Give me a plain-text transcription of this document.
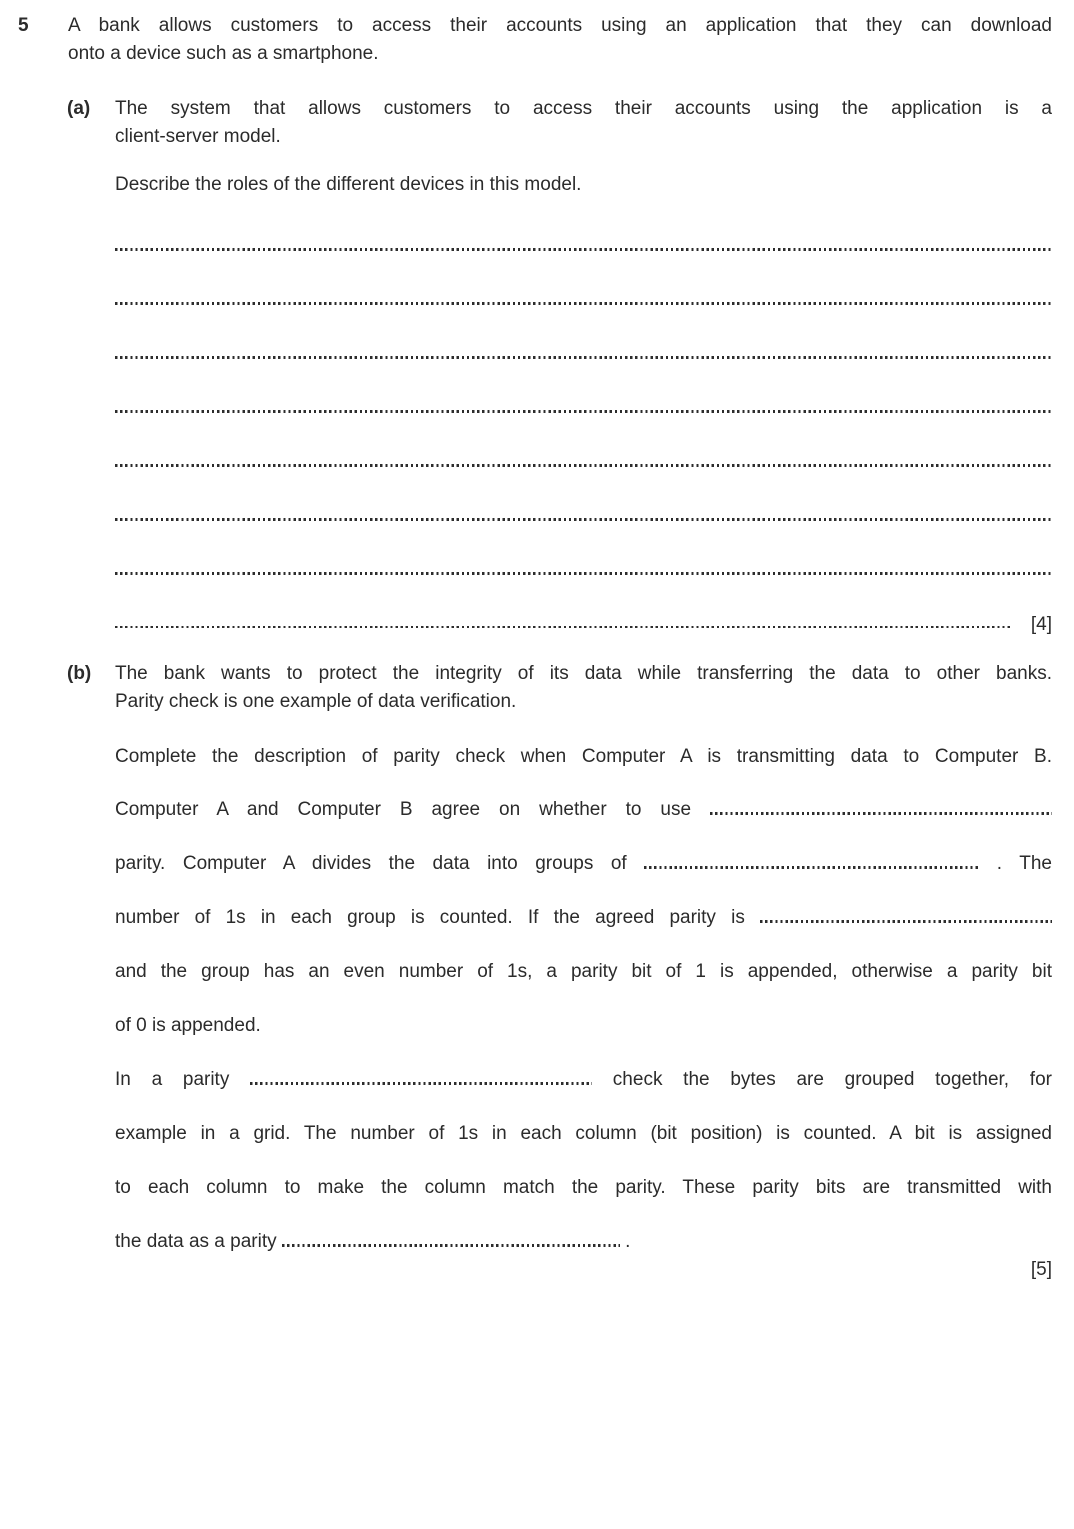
5	A bank allows customers to access their accounts using an application that they can download
onto a device such as a smartphone.
(a)	The system that allows customers to access their accounts using the application is a
client-server model.
Describe the roles of the different devices in this model.
[4]
(b)	The bank wants to protect the integrity of its data while transferring the data to other banks.
Parity check is one example of data verification.
Complete the description of parity check when Computer A is transmitting data to Computer B.
Computer A and Computer B agree on whether to use
parity. Computer A divides the data into groups of	. The
number of 1s in each group is counted. If the agreed parity is
and the group has an even number of 1s, a parity bit of 1 is appended, otherwise a parity bit
of 0 is appended.
In a parity	check the bytes are grouped together, for
example in a grid. The number of 1s in each column (bit position) is counted. A bit is assigned
to each column to make the column match the parity. These parity bits are transmitted with
the data as a parity	.
[5]
